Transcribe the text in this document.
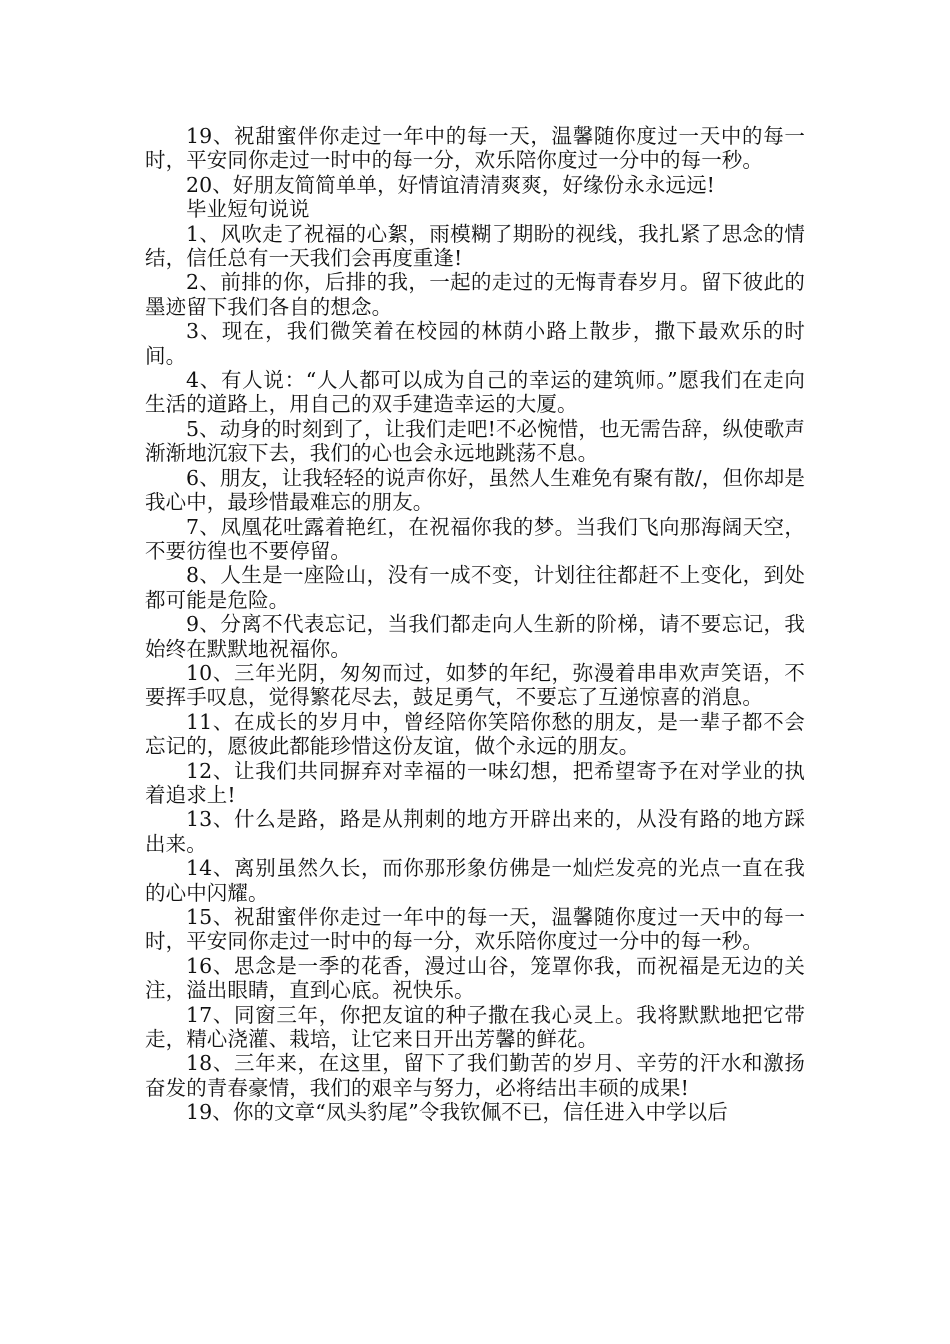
19、祝甜蜜伴你走过一年中的每一天，温馨随你度过一天中的每一时，平安同你走过一时中的每一分，欢乐陪你度过一分中的每一秒。

20、好朋友简简单单，好情谊清清爽爽，好缘份永永远远!

毕业短句说说

1、风吹走了祝福的心絮，雨模糊了期盼的视线，我扎紧了思念的情结，信任总有一天我们会再度重逢!

2、前排的你，后排的我，一起的走过的无悔青春岁月。留下彼此的墨迹留下我们各自的想念。

3、现在，我们微笑着在校园的林荫小路上散步，撒下最欢乐的时间。

4、有人说：“人人都可以成为自己的幸运的建筑师。”愿我们在走向生活的道路上，用自己的双手建造幸运的大厦。

5、动身的时刻到了，让我们走吧!不必惋惜，也无需告辞，纵使歌声渐渐地沉寂下去，我们的心也会永远地跳荡不息。

6、朋友，让我轻轻的说声你好，虽然人生难免有聚有散/，但你却是我心中，最珍惜最难忘的朋友。

7、凤凰花吐露着艳红，在祝福你我的梦。当我们飞向那海阔天空，不要彷徨也不要停留。

8、人生是一座险山，没有一成不变，计划往往都赶不上变化，到处都可能是危险。

9、分离不代表忘记，当我们都走向人生新的阶梯，请不要忘记，我始终在默默地祝福你。

10、三年光阴，匆匆而过，如梦的年纪，弥漫着串串欢声笑语，不要挥手叹息，觉得繁花尽去，鼓足勇气，不要忘了互递惊喜的消息。

11、在成长的岁月中，曾经陪你笑陪你愁的朋友，是一辈子都不会忘记的，愿彼此都能珍惜这份友谊，做个永远的朋友。

12、让我们共同摒弃对幸福的一味幻想，把希望寄予在对学业的执着追求上!

13、什么是路，路是从荆刺的地方开辟出来的，从没有路的地方踩出来。

14、离别虽然久长，而你那形象仿佛是一灿烂发亮的光点一直在我的心中闪耀。

15、祝甜蜜伴你走过一年中的每一天，温馨随你度过一天中的每一时，平安同你走过一时中的每一分，欢乐陪你度过一分中的每一秒。

16、思念是一季的花香，漫过山谷，笼罩你我，而祝福是无边的关注，溢出眼睛，直到心底。祝快乐。

17、同窗三年，你把友谊的种子撒在我心灵上。我将默默地把它带走，精心浇灌、栽培，让它来日开出芳馨的鲜花。

18、三年来，在这里，留下了我们勤苦的岁月、辛劳的汗水和激扬奋发的青春豪情，我们的艰辛与努力，必将结出丰硕的成果!

19、你的文章“凤头豹尾”令我钦佩不已，信任进入中学以后
